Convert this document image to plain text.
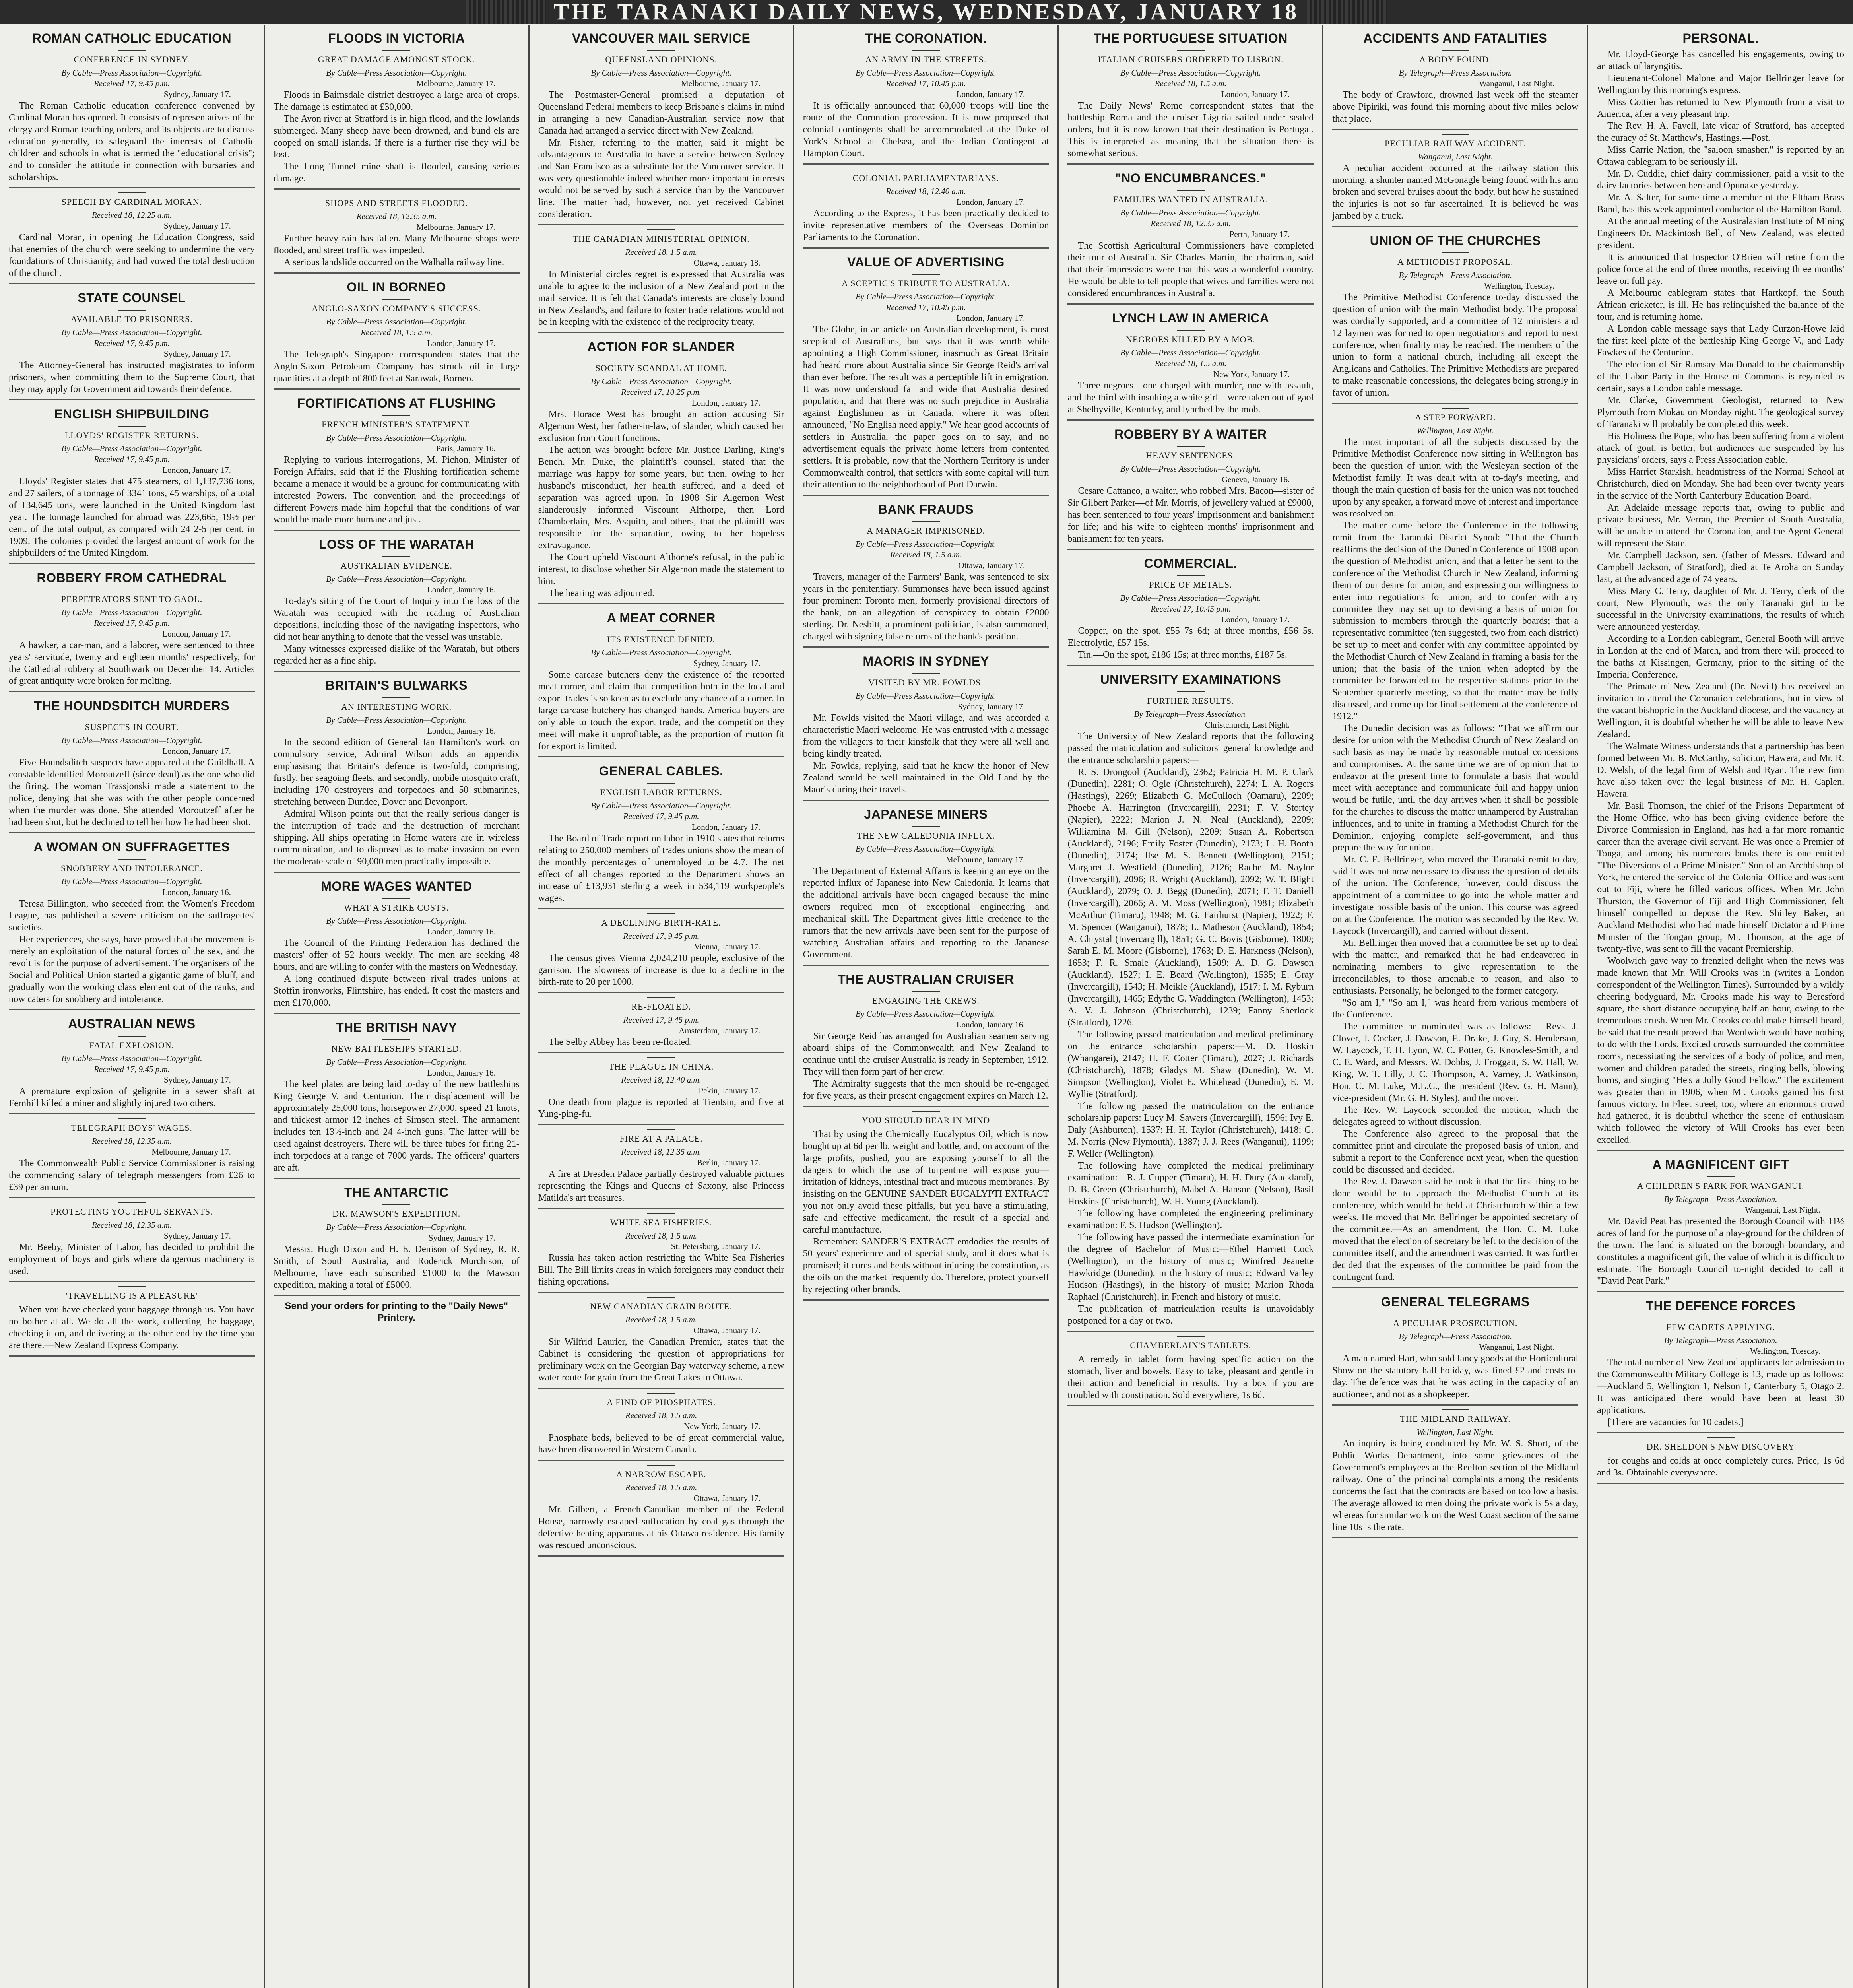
THE TARANAKI DAILY NEWS, WEDNESDAY, JANUARY 18
ROMAN CATHOLIC EDUCATION
CONFERENCE IN SYDNEY.
By Cable—Press Association—Copyright.
Received 17, 9.45 p.m.
Sydney, January 17.

The Roman Catholic education conference convened by Cardinal Moran has opened. It consists of representatives of the clergy and Roman teaching orders, and its objects are to discuss education generally, to safeguard the interests of Catholic children and schools in what is termed the "educational crisis"; and to consider the attitude in connection with bursaries and scholarships.

SPEECH BY CARDINAL MORAN.
Received 18, 12.25 a.m.
Sydney, January 17.

Cardinal Moran, in opening the Education Congress, said that enemies of the church were seeking to undermine the very foundations of Christianity, and had vowed the total destruction of the church.

STATE COUNSEL
AVAILABLE TO PRISONERS.
By Cable—Press Association—Copyright.
Received 17, 9.45 p.m.
Sydney, January 17.

The Attorney-General has instructed magistrates to inform prisoners, when committing them to the Supreme Court, that they may apply for Government aid towards their defence.

ENGLISH SHIPBUILDING
LLOYDS' REGISTER RETURNS.
By Cable—Press Association—Copyright.
Received 17, 9.45 p.m.
London, January 17.

Lloyds' Register states that 475 steamers, of 1,137,736 tons, and 27 sailers, of a tonnage of 3341 tons, 45 warships, of a total of 134,645 tons, were launched in the United Kingdom last year. The tonnage launched for abroad was 223,665, 19½ per cent. of the total output, as compared with 24 2-5 per cent. in 1909. The colonies provided the largest amount of work for the shipbuilders of the United Kingdom.

ROBBERY FROM CATHEDRAL
PERPETRATORS SENT TO GAOL.
By Cable—Press Association—Copyright.
Received 17, 9.45 p.m.
London, January 17.

A hawker, a car-man, and a laborer, were sentenced to three years' servitude, twenty and eighteen months' respectively, for the Cathedral robbery at Southwark on December 14. Articles of great antiquity were broken for melting.

THE HOUNDSDITCH MURDERS
SUSPECTS IN COURT.
By Cable—Press Association—Copyright.
London, January 17.

Five Houndsditch suspects have appeared at the Guildhall. A constable identified Moroutzeff (since dead) as the one who did the firing. The woman Trassjonski made a statement to the police, denying that she was with the other people concerned when the murder was done. She attended Moroutzeff after he had been shot, but he declined to tell her how he had been shot.

A WOMAN ON SUFFRAGETTES
SNOBBERY AND INTOLERANCE.
By Cable—Press Association—Copyright.
London, January 16.

Teresa Billington, who seceded from the Women's Freedom League, has published a severe criticism on the suffragettes' societies.

Her experiences, she says, have proved that the movement is merely an exploitation of the natural forces of the sex, and the revolt is for the purpose of advertisement. The organisers of the Social and Political Union started a gigantic game of bluff, and gradually won the working class element out of the ranks, and now caters for snobbery and intolerance.

AUSTRALIAN NEWS
FATAL EXPLOSION.
By Cable—Press Association—Copyright.
Received 17, 9.45 p.m.
Sydney, January 17.

A premature explosion of gelignite in a sewer shaft at Fernhill killed a miner and slightly injured two others.

TELEGRAPH BOYS' WAGES.
Received 18, 12.35 a.m.
Melbourne, January 17.

The Commonwealth Public Service Commissioner is raising the commencing salary of telegraph messengers from £26 to £39 per annum.

PROTECTING YOUTHFUL SERVANTS.
Received 18, 12.35 a.m.
Sydney, January 17.

Mr. Beeby, Minister of Labor, has decided to prohibit the employment of boys and girls where dangerous machinery is used.

'TRAVELLING IS A PLEASURE'

When you have checked your baggage through us. You have no bother at all. We do all the work, collecting the baggage, checking it on, and delivering at the other end by the time you are there.—New Zealand Express Company.

FLOODS IN VICTORIA
GREAT DAMAGE AMONGST STOCK.
By Cable—Press Association—Copyright.
Melbourne, January 17.

Floods in Bairnsdale district destroyed a large area of crops. The damage is estimated at £30,000.

The Avon river at Stratford is in high flood, and the lowlands submerged. Many sheep have been drowned, and bund els are cooped on small islands. If there is a further rise they will be lost.

The Long Tunnel mine shaft is flooded, causing serious damage.

SHOPS AND STREETS FLOODED.
Received 18, 12.35 a.m.
Melbourne, January 17.

Further heavy rain has fallen. Many Melbourne shops were flooded, and street traffic was impeded.

A serious landslide occurred on the Walhalla railway line.

OIL IN BORNEO
ANGLO-SAXON COMPANY'S SUCCESS.
By Cable—Press Association—Copyright.
Received 18, 1.5 a.m.
London, January 17.

The Telegraph's Singapore correspondent states that the Anglo-Saxon Petroleum Company has struck oil in large quantities at a depth of 800 feet at Sarawak, Borneo.

FORTIFICATIONS AT FLUSHING
FRENCH MINISTER'S STATEMENT.
By Cable—Press Association—Copyright.
Paris, January 16.

Replying to various interrogations, M. Pichon, Minister of Foreign Affairs, said that if the Flushing fortification scheme became a menace it would be a ground for communicating with interested Powers. The convention and the proceedings of different Powers made him hopeful that the conditions of war would be made more humane and just.

LOSS OF THE WARATAH
AUSTRALIAN EVIDENCE.
By Cable—Press Association—Copyright.
London, January 16.

To-day's sitting of the Court of Inquiry into the loss of the Waratah was occupied with the reading of Australian depositions, including those of the navigating inspectors, who did not hear anything to denote that the vessel was unstable.

Many witnesses expressed dislike of the Waratah, but others regarded her as a fine ship.

BRITAIN'S BULWARKS
AN INTERESTING WORK.
By Cable—Press Association—Copyright.
London, January 16.

In the second edition of General Ian Hamilton's work on compulsory service, Admiral Wilson adds an appendix emphasising that Britain's defence is two-fold, comprising, firstly, her seagoing fleets, and secondly, mobile mosquito craft, including 170 destroyers and torpedoes and 50 submarines, stretching between Dundee, Dover and Devonport.

Admiral Wilson points out that the really serious danger is the interruption of trade and the destruction of merchant shipping. All ships operating in Home waters are in wireless communication, and to disposed as to make invasion on even the moderate scale of 90,000 men practically impossible.

MORE WAGES WANTED
WHAT A STRIKE COSTS.
By Cable—Press Association—Copyright.
London, January 16.

The Council of the Printing Federation has declined the masters' offer of 52 hours weekly. The men are seeking 48 hours, and are willing to confer with the masters on Wednesday.

A long continued dispute between rival trades unions at Stoffin ironworks, Flintshire, has ended. It cost the masters and men £170,000.

THE BRITISH NAVY
NEW BATTLESHIPS STARTED.
By Cable—Press Association—Copyright.
London, January 16.

The keel plates are being laid to-day of the new battleships King George V. and Centurion. Their displacement will be approximately 25,000 tons, horsepower 27,000, speed 21 knots, and thickest armor 12 inches of Simson steel. The armament includes ten 13½-inch and 24 4-inch guns. The latter will be used against destroyers. There will be three tubes for firing 21-inch torpedoes at a range of 7000 yards. The officers' quarters are aft.

THE ANTARCTIC
DR. MAWSON'S EXPEDITION.
By Cable—Press Association—Copyright.
Sydney, January 17.

Messrs. Hugh Dixon and H. E. Denison of Sydney, R. R. Smith, of South Australia, and Roderick Murchison, of Melbourne, have each subscribed £1000 to the Mawson expedition, making a total of £5000.

Send your orders for printing to the "Daily News" Printery.
VANCOUVER MAIL SERVICE
QUEENSLAND OPINIONS.
By Cable—Press Association—Copyright.
Melbourne, January 17.

The Postmaster-General promised a deputation of Queensland Federal members to keep Brisbane's claims in mind in arranging a new Canadian-Australian service now that Canada had arranged a service direct with New Zealand.

Mr. Fisher, referring to the matter, said it might be advantageous to Australia to have a service between Sydney and San Francisco as a substitute for the Vancouver service. It was very questionable indeed whether more important interests would not be served by such a service than by the Vancouver line. The matter had, however, not yet received Cabinet consideration.

THE CANADIAN MINISTERIAL OPINION.
Received 18, 1.5 a.m.
Ottawa, January 18.

In Ministerial circles regret is expressed that Australia was unable to agree to the inclusion of a New Zealand port in the mail service. It is felt that Canada's interests are closely bound in New Zealand's, and failure to foster trade relations would not be in keeping with the existence of the reciprocity treaty.

ACTION FOR SLANDER
SOCIETY SCANDAL AT HOME.
By Cable—Press Association—Copyright.
Received 17, 10.25 p.m.
London, January 17.

Mrs. Horace West has brought an action accusing Sir Algernon West, her father-in-law, of slander, which caused her exclusion from Court functions.

The action was brought before Mr. Justice Darling, King's Bench. Mr. Duke, the plaintiff's counsel, stated that the marriage was happy for some years, but then, owing to her husband's misconduct, her health suffered, and a deed of separation was agreed upon. In 1908 Sir Algernon West slanderously informed Viscount Althorpe, then Lord Chamberlain, Mrs. Asquith, and others, that the plaintiff was responsible for the separation, owing to her hopeless extravagance.

The Court upheld Viscount Althorpe's refusal, in the public interest, to disclose whether Sir Algernon made the statement to him.

The hearing was adjourned.

A MEAT CORNER
ITS EXISTENCE DENIED.
By Cable—Press Association—Copyright.
Sydney, January 17.

Some carcase butchers deny the existence of the reported meat corner, and claim that competition both in the local and export trades is so keen as to exclude any chance of a corner. In large carcase butchery has changed hands. America buyers are only able to touch the export trade, and the competition they meet will make it unprofitable, as the proportion of mutton fit for export is limited.

GENERAL CABLES.
ENGLISH LABOR RETURNS.
By Cable—Press Association—Copyright.
Received 17, 9.45 p.m.
London, January 17.

The Board of Trade report on labor in 1910 states that returns relating to 250,000 members of trades unions show the mean of the monthly percentages of unemployed to be 4.7. The net effect of all changes reported to the Department shows an increase of £13,931 sterling a week in 534,119 workpeople's wages.

A DECLINING BIRTH-RATE.
Received 17, 9.45 p.m.
Vienna, January 17.

The census gives Vienna 2,024,210 people, exclusive of the garrison. The slowness of increase is due to a decline in the birth-rate to 20 per 1000.

RE-FLOATED.
Received 17, 9.45 p.m.
Amsterdam, January 17.

The Selby Abbey has been re-floated.

THE PLAGUE IN CHINA.
Received 18, 12.40 a.m.
Pekin, January 17.

One death from plague is reported at Tientsin, and five at Yung-ping-fu.

FIRE AT A PALACE.
Received 18, 12.35 a.m.
Berlin, January 17.

A fire at Dresden Palace partially destroyed valuable pictures representing the Kings and Queens of Saxony, also Princess Matilda's art treasures.

WHITE SEA FISHERIES.
Received 18, 1.5 a.m.
St. Petersburg, January 17.

Russia has taken action restricting the White Sea Fisheries Bill. The Bill limits areas in which foreigners may conduct their fishing operations.

NEW CANADIAN GRAIN ROUTE.
Received 18, 1.5 a.m.
Ottawa, January 17.

Sir Wilfrid Laurier, the Canadian Premier, states that the Cabinet is considering the question of appropriations for preliminary work on the Georgian Bay waterway scheme, a new water route for grain from the Great Lakes to Ottawa.

A FIND OF PHOSPHATES.
Received 18, 1.5 a.m.
New York, January 17.

Phosphate beds, believed to be of great commercial value, have been discovered in Western Canada.

A NARROW ESCAPE.
Received 18, 1.5 a.m.
Ottawa, January 17.

Mr. Gilbert, a French-Canadian member of the Federal House, narrowly escaped suffocation by coal gas through the defective heating apparatus at his Ottawa residence. His family was rescued unconscious.

THE CORONATION.
AN ARMY IN THE STREETS.
By Cable—Press Association—Copyright.
Received 17, 10.45 p.m.
London, January 17.

It is officially announced that 60,000 troops will line the route of the Coronation procession. It is now proposed that colonial contingents shall be accommodated at the Duke of York's School at Chelsea, and the Indian Contingent at Hampton Court.

COLONIAL PARLIAMENTARIANS.
Received 18, 12.40 a.m.
London, January 17.

According to the Express, it has been practically decided to invite representative members of the Overseas Dominion Parliaments to the Coronation.

VALUE OF ADVERTISING
A SCEPTIC'S TRIBUTE TO AUSTRALIA.
By Cable—Press Association—Copyright.
Received 17, 10.45 p.m.
London, January 17.

The Globe, in an article on Australian development, is most sceptical of Australians, but says that it was worth while appointing a High Commissioner, inasmuch as Great Britain had heard more about Australia since Sir George Reid's arrival than ever before. The result was a perceptible lift in emigration. It was now understood far and wide that Australia desired population, and that there was no such prejudice in Australia against Englishmen as in Canada, where it was often announced, "No English need apply." We hear good accounts of settlers in Australia, the paper goes on to say, and no advertisement equals the private home letters from contented settlers. It is probable, now that the Northern Territory is under Commonwealth control, that settlers with some capital will turn their attention to the neighborhood of Port Darwin.

BANK FRAUDS
A MANAGER IMPRISONED.
By Cable—Press Association—Copyright.
Received 18, 1.5 a.m.
Ottawa, January 17.

Travers, manager of the Farmers' Bank, was sentenced to six years in the penitentiary. Summonses have been issued against four prominent Toronto men, formerly provisional directors of the bank, on an allegation of conspiracy to obtain £2000 sterling. Dr. Nesbitt, a prominent politician, is also summoned, charged with signing false returns of the bank's position.

MAORIS IN SYDNEY
VISITED BY MR. FOWLDS.
By Cable—Press Association—Copyright.
Sydney, January 17.

Mr. Fowlds visited the Maori village, and was accorded a characteristic Maori welcome. He was entrusted with a message from the villagers to their kinsfolk that they were all well and being kindly treated.

Mr. Fowlds, replying, said that he knew the honor of New Zealand would be well maintained in the Old Land by the Maoris during their travels.

JAPANESE MINERS
THE NEW CALEDONIA INFLUX.
By Cable—Press Association—Copyright.
Melbourne, January 17.

The Department of External Affairs is keeping an eye on the reported influx of Japanese into New Caledonia. It learns that the additional arrivals have been engaged because the mine owners required men of exceptional engineering and mechanical skill. The Department gives little credence to the rumors that the new arrivals have been sent for the purpose of watching Australian affairs and reporting to the Japanese Government.

THE AUSTRALIAN CRUISER
ENGAGING THE CREWS.
By Cable—Press Association—Copyright.
London, January 16.

Sir George Reid has arranged for Australian seamen serving aboard ships of the Commonwealth and New Zealand to continue until the cruiser Australia is ready in September, 1912. They will then form part of her crew.

The Admiralty suggests that the men should be re-engaged for five years, as their present engagement expires on March 12.

YOU SHOULD BEAR IN MIND

That by using the Chemically Eucalyptus Oil, which is now bought up at 6d per lb. weight and bottle, and, on account of the large profits, pushed, you are exposing yourself to all the dangers to which the use of turpentine will expose you—irritation of kidneys, intestinal tract and mucous membranes. By insisting on the GENUINE SANDER EUCALYPTI EXTRACT you not only avoid these pitfalls, but you have a stimulating, safe and effective medicament, the result of a special and careful manufacture.

Remember: SANDER'S EXTRACT emdodies the results of 50 years' experience and of special study, and it does what is promised; it cures and heals without injuring the constitution, as the oils on the market frequently do. Therefore, protect yourself by rejecting other brands.

THE PORTUGUESE SITUATION
ITALIAN CRUISERS ORDERED TO LISBON.
By Cable—Press Association—Copyright.
Received 18, 1.5 a.m.
London, January 17.

The Daily News' Rome correspondent states that the battleship Roma and the cruiser Liguria sailed under sealed orders, but it is now known that their destination is Portugal. This is interpreted as meaning that the situation there is somewhat serious.

"NO ENCUMBRANCES."
FAMILIES WANTED IN AUSTRALIA.
By Cable—Press Association—Copyright.
Received 18, 12.35 a.m.
Perth, January 17.

The Scottish Agricultural Commissioners have completed their tour of Australia. Sir Charles Martin, the chairman, said that their impressions were that this was a wonderful country. He would be able to tell people that wives and families were not considered encumbrances in Australia.

LYNCH LAW IN AMERICA
NEGROES KILLED BY A MOB.
By Cable—Press Association—Copyright.
Received 18, 1.5 a.m.
New York, January 17.

Three negroes—one charged with murder, one with assault, and the third with insulting a white girl—were taken out of gaol at Shelbyville, Kentucky, and lynched by the mob.

ROBBERY BY A WAITER
HEAVY SENTENCES.
By Cable—Press Association—Copyright.
Geneva, January 16.

Cesare Cattaneo, a waiter, who robbed Mrs. Bacon—sister of Sir Gilbert Parker—of Mr. Morris, of jewellery valued at £9000, has been sentenced to four years' imprisonment and banishment for life; and his wife to eighteen months' imprisonment and banishment for ten years.

COMMERCIAL.
PRICE OF METALS.
By Cable—Press Association—Copyright.
Received 17, 10.45 p.m.
London, January 17.

Copper, on the spot, £55 7s 6d; at three months, £56 5s. Electrolytic, £57 15s.

Tin.—On the spot, £186 15s; at three months, £187 5s.

UNIVERSITY EXAMINATIONS
FURTHER RESULTS.
By Telegraph—Press Association.
Christchurch, Last Night.

The University of New Zealand reports that the following passed the matriculation and solicitors' general knowledge and the entrance scholarship papers:—

R. S. Drongool (Auckland), 2362; Patricia H. M. P. Clark (Dunedin), 2281; O. Ogle (Christchurch), 2274; L. A. Rogers (Hastings), 2269; Elizabeth G. McCulloch (Oamaru), 2209; Phoebe A. Harrington (Invercargill), 2231; F. V. Stortey (Napier), 2222; Marion J. N. Neal (Auckland), 2209; Williamina M. Gill (Nelson), 2209; Susan A. Robertson (Auckland), 2196; Emily Foster (Dunedin), 2173; L. H. Booth (Dunedin), 2174; Ilse M. S. Bennett (Wellington), 2151; Margaret J. Westfield (Dunedin), 2126; Rachel M. Naylor (Invercargill), 2096; R. Wright (Auckland), 2092; W. T. Blight (Auckland), 2079; O. J. Begg (Dunedin), 2071; F. T. Daniell (Invercargill), 2066; A. M. Moss (Wellington), 1981; Elizabeth McArthur (Timaru), 1948; M. G. Fairhurst (Napier), 1922; F. M. Spencer (Wanganui), 1878; L. Matheson (Auckland), 1854; A. Chrystal (Invercargill), 1851; G. C. Bovis (Gisborne), 1800; Sarah E. M. Moore (Gisborne), 1763; D. E. Harkness (Nelson), 1653; F. R. Smale (Auckland), 1509; A. D. G. Dawson (Auckland), 1527; I. E. Beard (Wellington), 1535; E. Gray (Invercargill), 1543; H. Meikle (Auckland), 1517; I. M. Ryburn (Invercargill), 1465; Edythe G. Waddington (Wellington), 1453; A. V. J. Johnson (Christchurch), 1239; Fanny Sherlock (Stratford), 1226.

The following passed matriculation and medical preliminary on the entrance scholarship papers:—M. D. Hoskin (Whangarei), 2147; H. F. Cotter (Timaru), 2027; J. Richards (Christchurch), 1878; Gladys M. Shaw (Dunedin), W. M. Simpson (Wellington), Violet E. Whitehead (Dunedin), E. M. Wyllie (Stratford).

The following passed the matriculation on the entrance scholarship papers: Lucy M. Sawers (Invercargill), 1596; Ivy E. Daly (Ashburton), 1537; H. H. Taylor (Christchurch), 1418; G. M. Norris (New Plymouth), 1387; J. J. Rees (Wanganui), 1199; F. Weller (Wellington).

The following have completed the medical preliminary examination:—R. J. Cupper (Timaru), H. H. Dury (Auckland), D. B. Green (Christchurch), Mabel A. Hanson (Nelson), Basil Hoskins (Christchurch), W. H. Young (Auckland).

The following have completed the engineering preliminary examination: F. S. Hudson (Wellington).

The following have passed the intermediate examination for the degree of Bachelor of Music:—Ethel Harriett Cock (Wellington), in the history of music; Winifred Jeanette Hawkridge (Dunedin), in the history of music; Edward Varley Hudson (Hastings), in the history of music; Marion Rhoda Raphael (Christchurch), in French and history of music.

The publication of matriculation results is unavoidably postponed for a day or two.

CHAMBERLAIN'S TABLETS.

A remedy in tablet form having specific action on the stomach, liver and bowels. Easy to take, pleasant and gentle in their action and beneficial in results. Try a box if you are troubled with constipation. Sold everywhere, 1s 6d.

ACCIDENTS AND FATALITIES
A BODY FOUND.
By Telegraph—Press Association.
Wanganui, Last Night.

The body of Crawford, drowned last week off the steamer above Pipiriki, was found this morning about five miles below that place.

PECULIAR RAILWAY ACCIDENT.
Wanganui, Last Night.

A peculiar accident occurred at the railway station this morning, a shunter named McGonagle being found with his arm broken and several bruises about the body, but how he sustained the injuries is not so far ascertained. It is believed he was jambed by a truck.

UNION OF THE CHURCHES
A METHODIST PROPOSAL.
By Telegraph—Press Association.
Wellington, Tuesday.

The Primitive Methodist Conference to-day discussed the question of union with the main Methodist body. The proposal was cordially supported, and a committee of 12 ministers and 12 laymen was formed to open negotiations and report to next conference, when finality may be reached. The members of the union to form a national church, including all except the Anglicans and Catholics. The Primitive Methodists are prepared to make reasonable concessions, the delegates being strongly in favor of union.

A STEP FORWARD.
Wellington, Last Night.

The most important of all the subjects discussed by the Primitive Methodist Conference now sitting in Wellington has been the question of union with the Wesleyan section of the Methodist family. It was dealt with at to-day's meeting, and though the main question of basis for the union was not touched upon by any speaker, a forward move of interest and importance was resolved on.

The matter came before the Conference in the following remit from the Taranaki District Synod: "That the Church reaffirms the decision of the Dunedin Conference of 1908 upon the question of Methodist union, and that a letter be sent to the conference of the Methodist Church in New Zealand, informing them of our desire for union, and expressing our willingness to enter into negotiations for union, and to confer with any committee they may set up to devising a basis of union for submission to members through the quarterly boards; that a representative committee (ten suggested, two from each district) be set up to meet and confer with any committee appointed by the Methodist Church of New Zealand in framing a basis for the union; that the basis of the union when adopted by the committee be forwarded to the respective stations prior to the September quarterly meeting, so that the matter may be fully discussed, and come up for final settlement at the conference of 1912."

The Dunedin decision was as follows: "That we affirm our desire for union with the Methodist Church of New Zealand on such basis as may be made by reasonable mutual concessions and compromises. At the same time we are of opinion that to endeavor at the present time to formulate a basis that would meet with acceptance and communicate full and happy union would be futile, until the day arrives when it shall be possible for the churches to discuss the matter unhampered by Australian influences, and to unite in framing a Methodist Church for the Dominion, enjoying complete self-government, and thus prepare the way for union.

Mr. C. E. Bellringer, who moved the Taranaki remit to-day, said it was not now necessary to discuss the question of details of the union. The Conference, however, could discuss the appointment of a committee to go into the whole matter and investigate possible basis of the union. This course was agreed on at the Conference. The motion was seconded by the Rev. W. Laycock (Invercargill), and carried without dissent.

Mr. Bellringer then moved that a committee be set up to deal with the matter, and remarked that he had endeavored in nominating members to give representation to the irreconcilables, to those amenable to reason, and also to enthusiasts. Personally, he belonged to the former category.

"So am I," "So am I," was heard from various members of the Conference.

The committee he nominated was as follows:— Revs. J. Clover, J. Cocker, J. Dawson, E. Drake, J. Guy, S. Henderson, W. Laycock, T. H. Lyon, W. C. Potter, G. Knowles-Smith, and C. E. Ward, and Messrs. W. Dobbs, J. Froggatt, S. W. Hall, W. King, W. T. Lilly, J. C. Thompson, A. Varney, J. Watkinson, Hon. C. M. Luke, M.L.C., the president (Rev. G. H. Mann), vice-president (Mr. G. H. Styles), and the mover.

The Rev. W. Laycock seconded the motion, which the delegates agreed to without discussion.

The Conference also agreed to the proposal that the committee print and circulate the proposed basis of union, and submit a report to the Conference next year, when the question could be discussed and decided.

The Rev. J. Dawson said he took it that the first thing to be done would be to approach the Methodist Church at its conference, which would be held at Christchurch within a few weeks. He moved that Mr. Bellringer be appointed secretary of the committee.—As an amendment, the Hon. C. M. Luke moved that the election of secretary be left to the decision of the committee itself, and the amendment was carried. It was further decided that the expenses of the committee be paid from the contingent fund.

GENERAL TELEGRAMS
A PECULIAR PROSECUTION.
By Telegraph—Press Association.
Wanganui, Last Night.

A man named Hart, who sold fancy goods at the Horticultural Show on the statutory half-holiday, was fined £2 and costs to-day. The defence was that he was acting in the capacity of an auctioneer, and not as a shopkeeper.

THE MIDLAND RAILWAY.
Wellington, Last Night.

An inquiry is being conducted by Mr. W. S. Short, of the Public Works Department, into some grievances of the Government's employees at the Reefton section of the Midland railway. One of the principal complaints among the residents concerns the fact that the contracts are based on too low a basis. The average allowed to men doing the private work is 5s a day, whereas for similar work on the West Coast section of the same line 10s is the rate.

PERSONAL.

Mr. Lloyd-George has cancelled his engagements, owing to an attack of laryngitis.

Lieutenant-Colonel Malone and Major Bellringer leave for Wellington by this morning's express.

Miss Cottier has returned to New Plymouth from a visit to America, after a very pleasant trip.

The Rev. H. A. Favell, late vicar of Stratford, has accepted the curacy of St. Matthew's, Hastings.—Post.

Miss Carrie Nation, the "saloon smasher," is reported by an Ottawa cablegram to be seriously ill.

Mr. D. Cuddie, chief dairy commissioner, paid a visit to the dairy factories between here and Opunake yesterday.

Mr. A. Salter, for some time a member of the Eltham Brass Band, has this week appointed conductor of the Hamilton Band.

At the annual meeting of the Australasian Institute of Mining Engineers Dr. Mackintosh Bell, of New Zealand, was elected president.

It is announced that Inspector O'Brien will retire from the police force at the end of three months, receiving three months' leave on full pay.

A Melbourne cablegram states that Hartkopf, the South African cricketer, is ill. He has relinquished the balance of the tour, and is returning home.

A London cable message says that Lady Curzon-Howe laid the first keel plate of the battleship King George V., and Lady Fawkes of the Centurion.

The election of Sir Ramsay MacDonald to the chairmanship of the Labor Party in the House of Commons is regarded as certain, says a London cable message.

Mr. Clarke, Government Geologist, returned to New Plymouth from Mokau on Monday night. The geological survey of Taranaki will probably be completed this week.

His Holiness the Pope, who has been suffering from a violent attack of gout, is better, but audiences are suspended by his physicians' orders, says a Press Association cable.

Miss Harriet Starkish, headmistress of the Normal School at Christchurch, died on Monday. She had been over twenty years in the service of the North Canterbury Education Board.

An Adelaide message reports that, owing to public and private business, Mr. Verran, the Premier of South Australia, will be unable to attend the Coronation, and the Agent-General will represent the State.

Mr. Campbell Jackson, sen. (father of Messrs. Edward and Campbell Jackson, of Stratford), died at Te Aroha on Sunday last, at the advanced age of 74 years.

Miss Mary C. Terry, daughter of Mr. J. Terry, clerk of the court, New Plymouth, was the only Taranaki girl to be successful in the University examinations, the results of which were announced yesterday.

According to a London cablegram, General Booth will arrive in London at the end of March, and from there will proceed to the baths at Kissingen, Germany, prior to the sitting of the Imperial Conference.

The Primate of New Zealand (Dr. Nevill) has received an invitation to attend the Coronation celebrations, but in view of the vacant bishopric in the Auckland diocese, and the vacancy at Wellington, it is doubtful whether he will be able to leave New Zealand.

The Walmate Witness understands that a partnership has been formed between Mr. B. McCarthy, solicitor, Hawera, and Mr. R. D. Welsh, of the legal firm of Welsh and Ryan. The new firm have also taken over the legal business of Mr. H. Caplen, Hawera.

Mr. Basil Thomson, the chief of the Prisons Department of the Home Office, who has been giving evidence before the Divorce Commission in England, has had a far more romantic career than the average civil servant. He was once a Premier of Tonga, and among his numerous books there is one entitled "The Diversions of a Prime Minister." Son of an Archbishop of York, he entered the service of the Colonial Office and was sent out to Fiji, where he filled various offices. When Mr. John Thurston, the Governor of Fiji and High Commissioner, felt himself compelled to depose the Rev. Shirley Baker, an Auckland Methodist who had made himself Dictator and Prime Minister of the Tongan group, Mr. Thomson, at the age of twenty-five, was sent to fill the vacant Premiership.

Woolwich gave way to frenzied delight when the news was made known that Mr. Will Crooks was in (writes a London correspondent of the Wellington Times). Surrounded by a wildly cheering bodyguard, Mr. Crooks made his way to Beresford square, the short distance occupying half an hour, owing to the tremendous crush. When Mr. Crooks could make himself heard, he said that the result proved that Woolwich would have nothing to do with the Lords. Excited crowds surrounded the committee rooms, necessitating the services of a body of police, and men, women and children paraded the streets, ringing bells, blowing horns, and singing "He's a Jolly Good Fellow." The excitement was greater than in 1906, when Mr. Crooks gained his first famous victory. In Fleet street, too, where an enormous crowd had gathered, it is doubtful whether the scene of enthusiasm which followed the victory of Will Crooks has ever been excelled.

A MAGNIFICENT GIFT
A CHILDREN'S PARK FOR WANGANUI.
By Telegraph—Press Association.
Wanganui, Last Night.

Mr. David Peat has presented the Borough Council with 11½ acres of land for the purpose of a play-ground for the children of the town. The land is situated on the borough boundary, and constitutes a magnificent gift, the value of which it is difficult to estimate. The Borough Council to-night decided to call it "David Peat Park."

THE DEFENCE FORCES
FEW CADETS APPLYING.
By Telegraph—Press Association.
Wellington, Tuesday.

The total number of New Zealand applicants for admission to the Commonwealth Military College is 13, made up as follows:—Auckland 5, Wellington 1, Nelson 1, Canterbury 5, Otago 2. It was anticipated there would have been at least 30 applications.

[There are vacancies for 10 cadets.]

DR. SHELDON'S NEW DISCOVERY

for coughs and colds at once completely cures. Price, 1s 6d and 3s. Obtainable everywhere.
